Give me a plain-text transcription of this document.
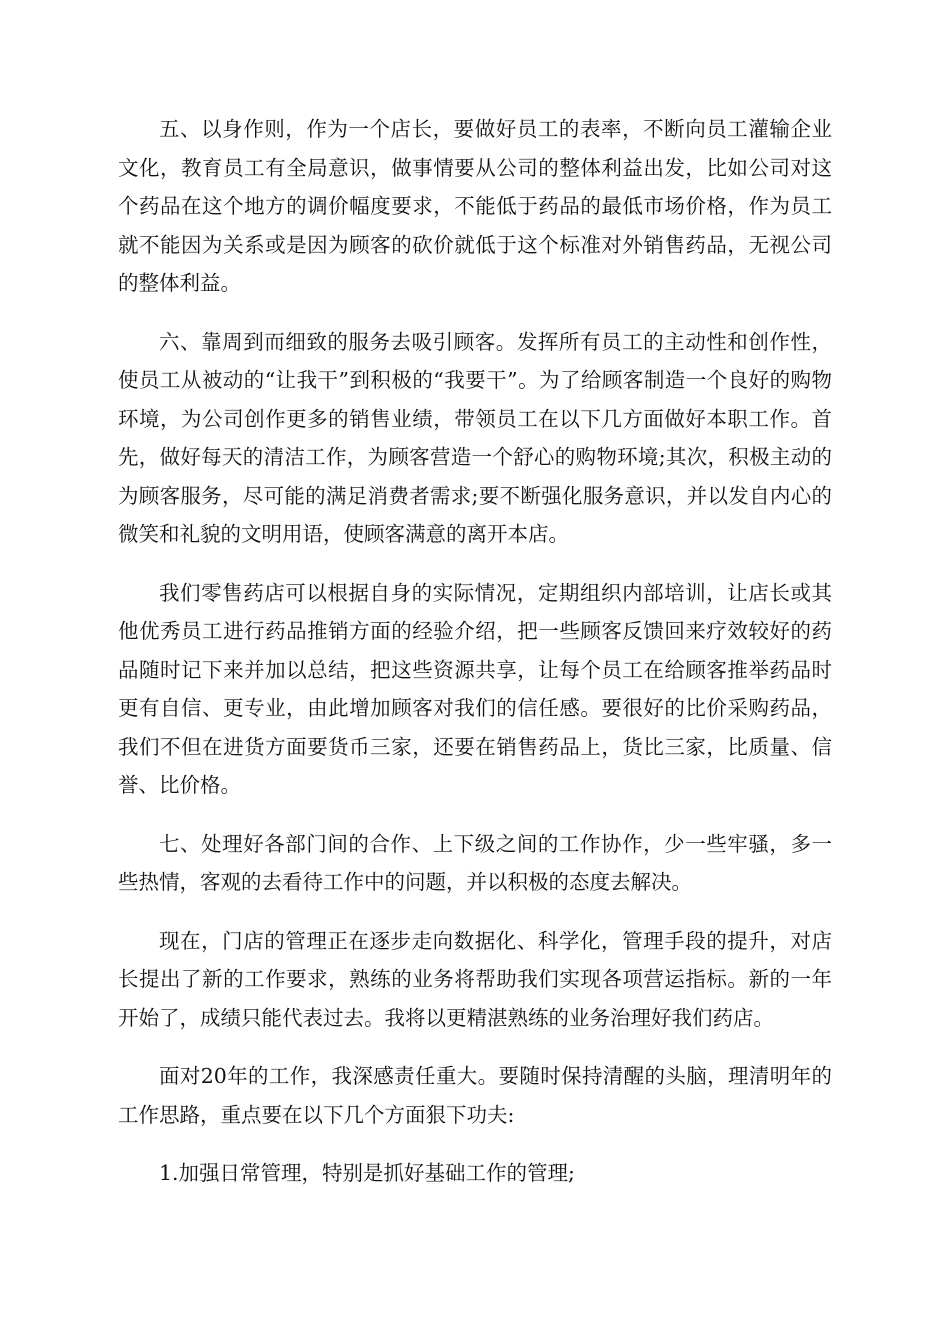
五、以身作则，作为一个店长，要做好员工的表率，不断向员工灌输企业文化，教育员工有全局意识，做事情要从公司的整体利益出发，比如公司对这个药品在这个地方的调价幅度要求，不能低于药品的最低市场价格，作为员工就不能因为关系或是因为顾客的砍价就低于这个标准对外销售药品，无视公司的整体利益。

六、靠周到而细致的服务去吸引顾客。发挥所有员工的主动性和创作性，使员工从被动的“让我干”到积极的“我要干”。为了给顾客制造一个良好的购物环境，为公司创作更多的销售业绩，带领员工在以下几方面做好本职工作。首先，做好每天的清洁工作，为顾客营造一个舒心的购物环境;其次，积极主动的为顾客服务，尽可能的满足消费者需求;要不断强化服务意识，并以发自内心的微笑和礼貌的文明用语，使顾客满意的离开本店。

我们零售药店可以根据自身的实际情况，定期组织内部培训，让店长或其他优秀员工进行药品推销方面的经验介绍，把一些顾客反馈回来疗效较好的药品随时记下来并加以总结，把这些资源共享，让每个员工在给顾客推举药品时更有自信、更专业，由此增加顾客对我们的信任感。要很好的比价采购药品，我们不但在进货方面要货币三家，还要在销售药品上，货比三家，比质量、信誉、比价格。

七、处理好各部门间的合作、上下级之间的工作协作，少一些牢骚，多一些热情，客观的去看待工作中的问题，并以积极的态度去解决。

现在，门店的管理正在逐步走向数据化、科学化，管理手段的提升，对店长提出了新的工作要求，熟练的业务将帮助我们实现各项营运指标。新的一年开始了，成绩只能代表过去。我将以更精湛熟练的业务治理好我们药店。

面对20年的工作，我深感责任重大。要随时保持清醒的头脑，理清明年的工作思路，重点要在以下几个方面狠下功夫:

1.加强日常管理，特别是抓好基础工作的管理;
